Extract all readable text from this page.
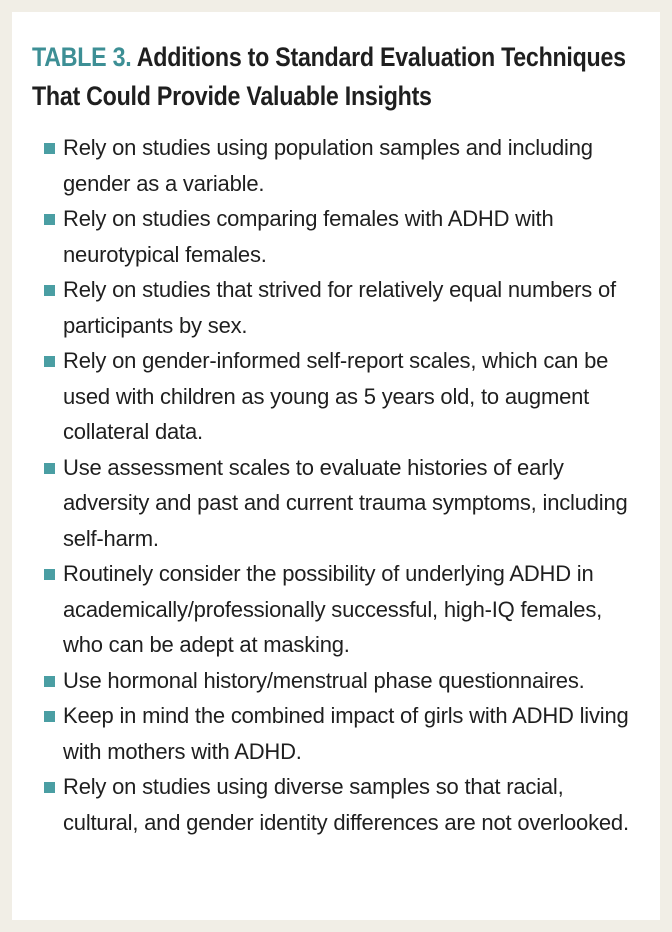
TABLE 3. Additions to Standard Evaluation Techniques That Could Provide Valuable Insights
Rely on studies using population samples and including gender as a variable.
Rely on studies comparing females with ADHD with neurotypical females.
Rely on studies that strived for relatively equal numbers of participants by sex.
Rely on gender-informed self-report scales, which can be used with children as young as 5 years old, to augment collateral data.
Use assessment scales to evaluate histories of early adversity and past and current trauma symptoms, including self-harm.
Routinely consider the possibility of underlying ADHD in academically/professionally successful, high-IQ females, who can be adept at masking.
Use hormonal history/menstrual phase questionnaires.
Keep in mind the combined impact of girls with ADHD living with mothers with ADHD.
Rely on studies using diverse samples so that racial, cultural, and gender identity differences are not overlooked.
